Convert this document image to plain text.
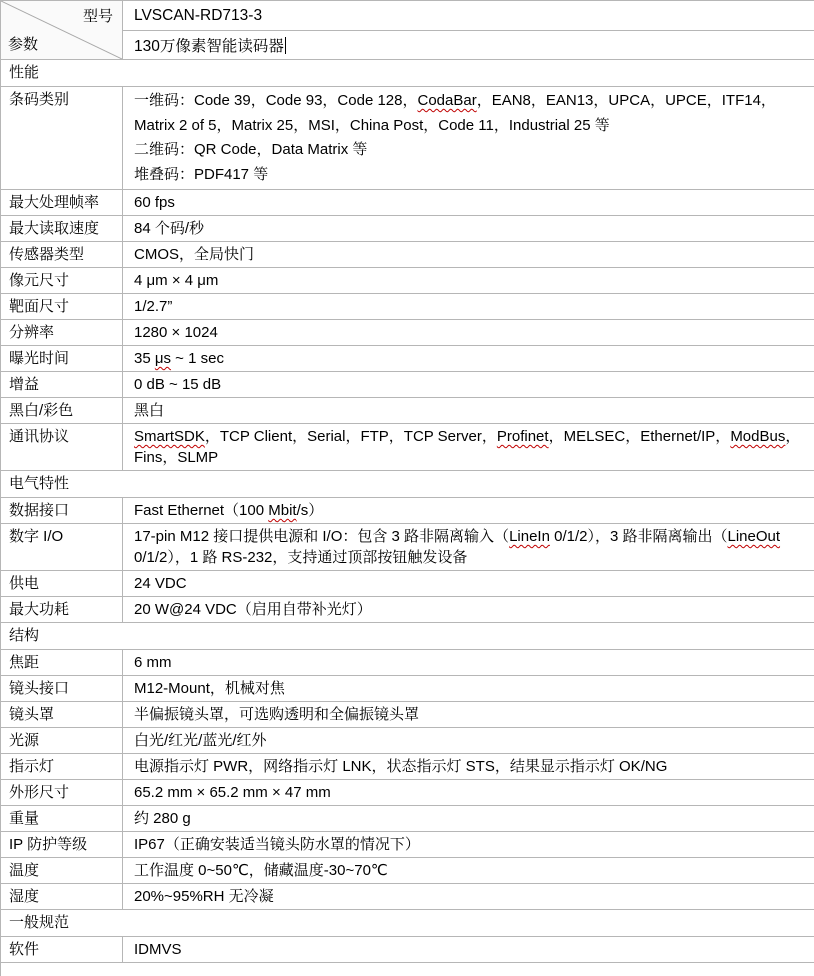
型号
参数
LVSCAN-RD713-3
130万像素智能读码器
性能
条码类别	一维码：Code 39，Code 93，Code 128，CodaBar，EAN8，EAN13，UPCA，UPCE，ITF14，Matrix 2 of 5，Matrix 25，MSI，China Post，Code 11，Industrial 25 等
二维码：QR Code，Data Matrix 等
堆叠码：PDF417 等
最大处理帧率	60 fps
最大读取速度	84 个码/秒
传感器类型	CMOS，全局快门
像元尺寸	4 μm × 4 μm
靶面尺寸	1/2.7”
分辨率	1280 × 1024
曝光时间	35 μs ~ 1 sec
增益	0 dB ~ 15 dB
黑白/彩色	黑白
通讯协议	SmartSDK，TCP Client，Serial，FTP，TCP Server，Profinet，MELSEC，Ethernet/IP，ModBus，Fins，SLMP
电气特性
数据接口	Fast Ethernet（100 Mbit/s）
数字 I/O	17-pin M12 接口提供电源和 I/O：包含 3 路非隔离输入（LineIn 0/1/2），3 路非隔离输出（LineOut 0/1/2），1 路 RS-232，支持通过顶部按钮触发设备
供电	24 VDC
最大功耗	20 W@24 VDC（启用自带补光灯）
结构
焦距	6 mm
镜头接口	M12-Mount，机械对焦
镜头罩	半偏振镜头罩，可选购透明和全偏振镜头罩
光源	白光/红光/蓝光/红外
指示灯	电源指示灯 PWR，网络指示灯 LNK，状态指示灯 STS，结果显示指示灯 OK/NG
外形尺寸	65.2 mm × 65.2 mm × 47 mm
重量	约 280 g
IP 防护等级	IP67（正确安装适当镜头防水罩的情况下）
温度	工作温度 0~50℃，储藏温度-30~70℃
湿度	20%~95%RH 无冷凝
一般规范
软件	IDMVS
